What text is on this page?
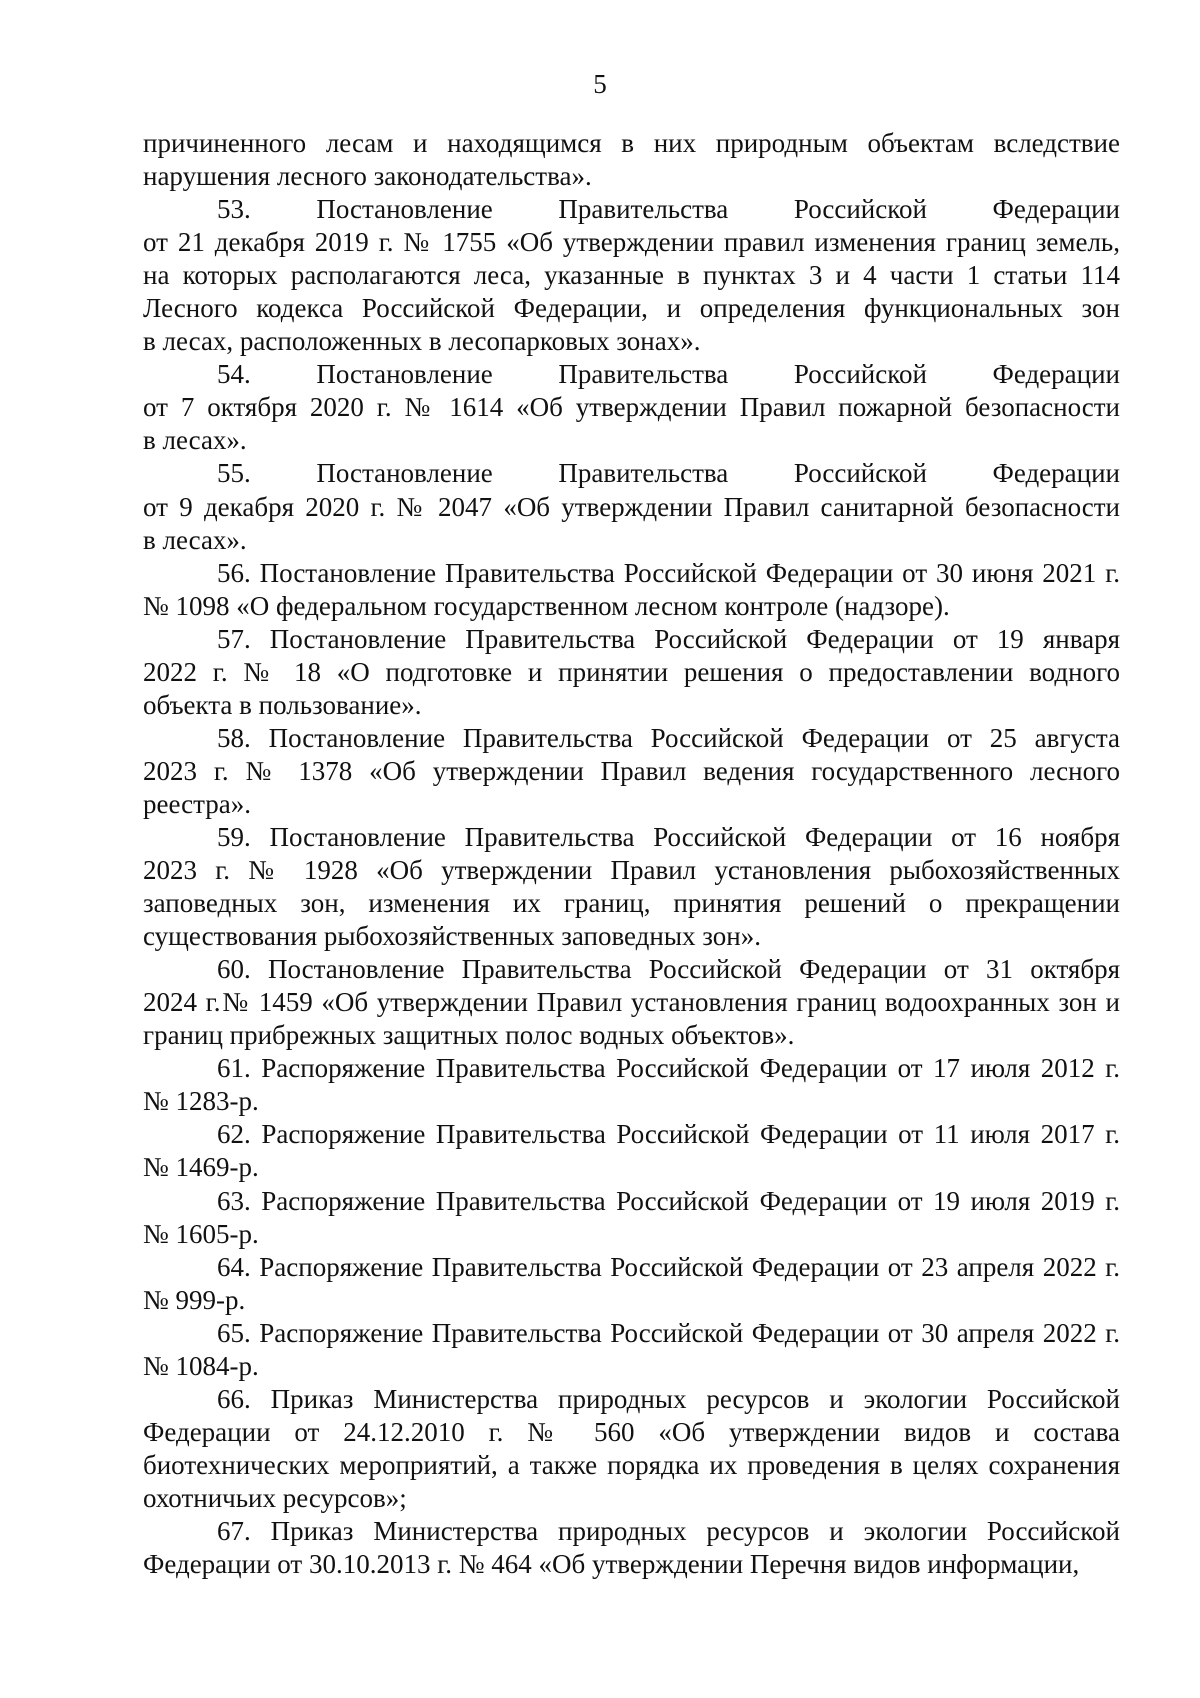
5
причиненного лесам и находящимся в них природным объектам вследствие
нарушения лесного законодательства».
53. Постановление Правительства Российской Федерации
от 21 декабря 2019 г. № 1755 «Об утверждении правил изменения границ земель,
на которых располагаются леса, указанные в пунктах 3 и 4 части 1 статьи 114
Лесного кодекса Российской Федерации, и определения функциональных зон
в лесах, расположенных в лесопарковых зонах».
54. Постановление Правительства Российской Федерации
от 7 октября 2020 г. № 1614 «Об утверждении Правил пожарной безопасности
в лесах».
55. Постановление Правительства Российской Федерации
от 9 декабря 2020 г. № 2047 «Об утверждении Правил санитарной безопасности
в лесах».
56. Постановление Правительства Российской Федерации от 30 июня 2021 г.
№ 1098 «О федеральном государственном лесном контроле (надзоре).
57. Постановление Правительства Российской Федерации от 19 января
2022 г. № 18 «О подготовке и принятии решения о предоставлении водного
объекта в пользование».
58. Постановление Правительства Российской Федерации от 25 августа
2023 г. № 1378 «Об утверждении Правил ведения государственного лесного
реестра».
59. Постановление Правительства Российской Федерации от 16 ноября
2023 г. № 1928 «Об утверждении Правил установления рыбохозяйственных
заповедных зон, изменения их границ, принятия решений о прекращении
существования рыбохозяйственных заповедных зон».
60. Постановление Правительства Российской Федерации от 31 октября
2024 г.№ 1459 «Об утверждении Правил установления границ водоохранных зон и
границ прибрежных защитных полос водных объектов».
61. Распоряжение Правительства Российской Федерации от 17 июля 2012 г.
№ 1283-р.
62. Распоряжение Правительства Российской Федерации от 11 июля 2017 г.
№ 1469-р.
63. Распоряжение Правительства Российской Федерации от 19 июля 2019 г.
№ 1605-р.
64. Распоряжение Правительства Российской Федерации от 23 апреля 2022 г.
№ 999-р.
65. Распоряжение Правительства Российской Федерации от 30 апреля 2022 г.
№ 1084-р.
66. Приказ Министерства природных ресурсов и экологии Российской
Федерации от 24.12.2010 г. № 560 «Об утверждении видов и состава
биотехнических мероприятий, а также порядка их проведения в целях сохранения
охотничьих ресурсов»;
67. Приказ Министерства природных ресурсов и экологии Российской
Федерации от 30.10.2013 г. № 464 «Об утверждении Перечня видов информации,
